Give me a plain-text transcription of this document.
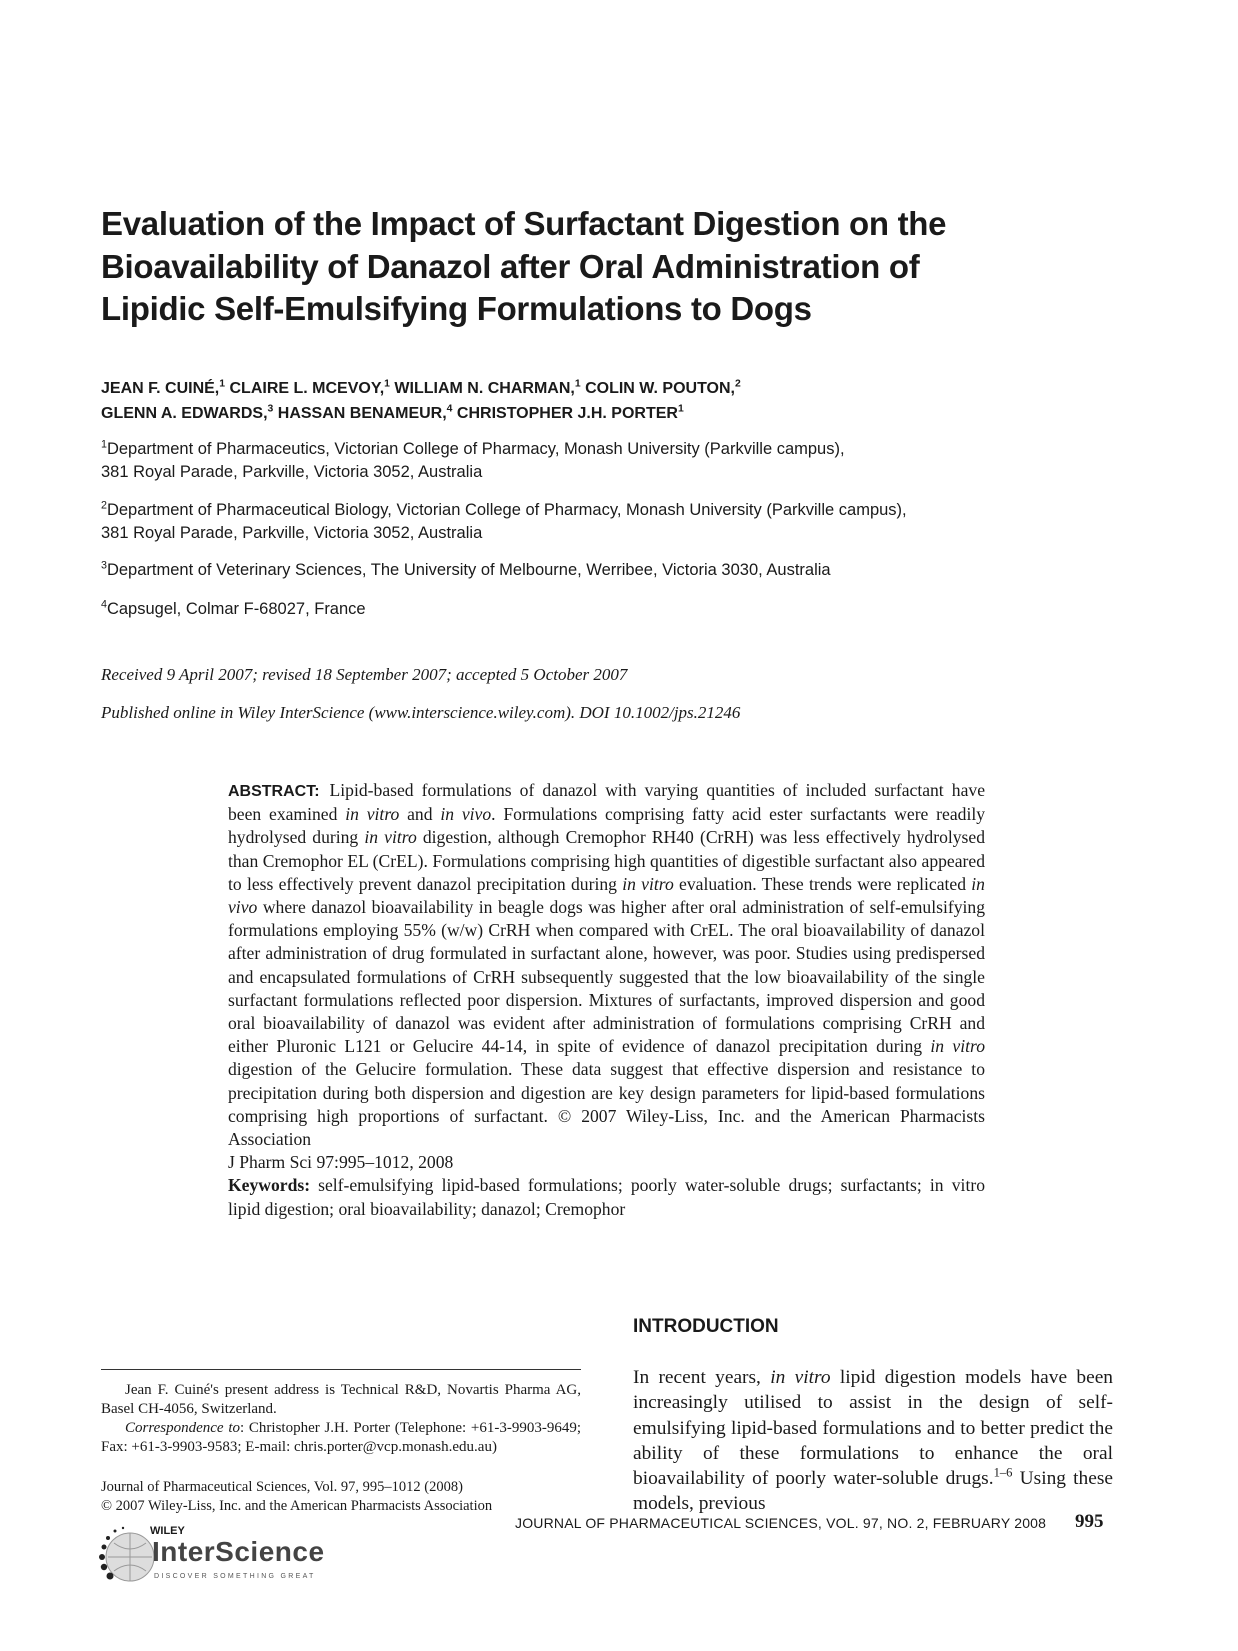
Evaluation of the Impact of Surfactant Digestion on the
Bioavailability of Danazol after Oral Administration of
Lipidic Self-Emulsifying Formulations to Dogs
JEAN F. CUINÉ,$^1$ CLAIRE L. MCEVOY,$^1$ WILLIAM N. CHARMAN,$^1$ COLIN W. POUTON,$^2$
GLENN A. EDWARDS,$^3$ HASSAN BENAMEUR,$^4$ CHRISTOPHER J.H. PORTER$^1$
$^1$Department of Pharmaceutics, Victorian College of Pharmacy, Monash University (Parkville campus),
381 Royal Parade, Parkville, Victoria 3052, Australia
$^2$Department of Pharmaceutical Biology, Victorian College of Pharmacy, Monash University (Parkville campus),
381 Royal Parade, Parkville, Victoria 3052, Australia
$^3$Department of Veterinary Sciences, The University of Melbourne, Werribee, Victoria 3030, Australia
$^4$Capsugel, Colmar F-68027, France
Received 9 April 2007; revised 18 September 2007; accepted 5 October 2007
Published online in Wiley InterScience (www.interscience.wiley.com). DOI 10.1002/jps.21246
ABSTRACT: Lipid-based formulations of danazol with varying quantities of included surfactant have been examined in vitro and in vivo. Formulations comprising fatty acid ester surfactants were readily hydrolysed during in vitro digestion, although Cremophor RH40 (CrRH) was less effectively hydrolysed than Cremophor EL (CrEL). Formulations comprising high quantities of digestible surfactant also appeared to less effectively prevent danazol precipitation during in vitro evaluation. These trends were replicated in vivo where danazol bioavailability in beagle dogs was higher after oral administration of self-emulsifying formulations employing 55% (w/w) CrRH when compared with CrEL. The oral bioavailability of danazol after administration of drug formulated in surfactant alone, however, was poor. Studies using predispersed and encapsulated formulations of CrRH subsequently suggested that the low bioavailability of the single surfactant formulations reflected poor dispersion. Mixtures of surfactants, improved dispersion and good oral bioavailability of danazol was evident after administration of formulations comprising CrRH and either Pluronic L121 or Gelucire 44-14, in spite of evidence of danazol precipitation during in vitro digestion of the Gelucire formulation. These data suggest that effective dispersion and resistance to precipitation during both dispersion and digestion are key design parameters for lipid-based formulations comprising high proportions of surfactant. © 2007 Wiley-Liss, Inc. and the American Pharmacists Association
J Pharm Sci 97:995–1012, 2008
Keywords: self-emulsifying lipid-based formulations; poorly water-soluble drugs; surfactants; in vitro lipid digestion; oral bioavailability; danazol; Cremophor
INTRODUCTION
In recent years, in vitro lipid digestion models have been increasingly utilised to assist in the design of self-emulsifying lipid-based formulations and to better predict the ability of these formulations to enhance the oral bioavailability of poorly water-soluble drugs.$^{1-6}$ Using these models, previous

Jean F. Cuiné's present address is Technical R&D, Novartis Pharma AG, Basel CH-4056, Switzerland.

Correspondence to: Christopher J.H. Porter (Telephone: +61-3-9903-9649; Fax: +61-3-9903-9583; E-mail: chris.porter@vcp.monash.edu.au)

Journal of Pharmaceutical Sciences, Vol. 97, 995–1012 (2008)
© 2007 Wiley-Liss, Inc. and the American Pharmacists Association
WILEY
InterScience
DISCOVER SOMETHING GREAT
JOURNAL OF PHARMACEUTICAL SCIENCES, VOL. 97, NO. 2, FEBRUARY 2008 995
